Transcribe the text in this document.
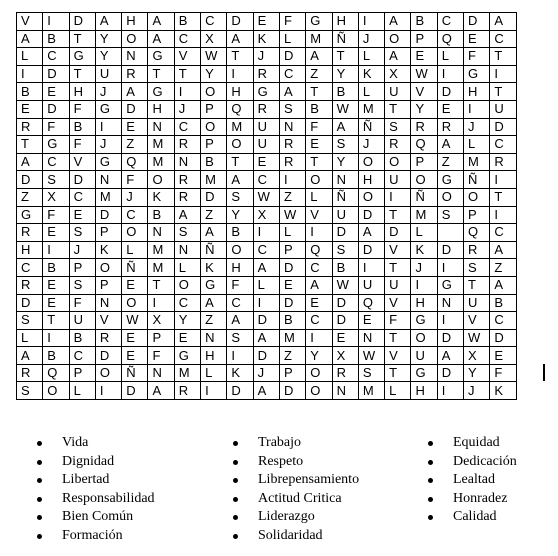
V	I	D	A	H	A	B	C	D	E	F	G	H	I	A	B	C	D	A
A	B	T	Y	O	A	C	X	A	K	L	M	Ñ	J	O	P	Q	E	C
L	C	G	Y	N	G	V	W	T	J	D	A	T	L	A	E	L	F	T
I	D	T	U	R	T	T	Y	I	R	C	Z	Y	K	X	W	I	G	I
B	E	H	J	A	G	I	O	H	G	A	T	B	L	U	V	D	H	T
E	D	F	G	D	H	J	P	Q	R	S	B	W	M	T	Y	E	I	U
R	F	B	I	E	N	C	O	M	U	N	F	A	Ñ	S	R	R	J	D
T	G	F	J	Z	M	R	P	O	U	R	E	S	J	R	Q	A	L	C
A	C	V	G	Q	M	N	B	T	E	R	T	Y	O	O	P	Z	M	R
D	S	D	N	F	O	R	M	A	C	I	O	N	H	U	O	G	Ñ	I
Z	X	C	M	J	K	R	D	S	W	Z	L	Ñ	O	I	Ñ	O	O	T
G	F	E	D	C	B	A	Z	Y	X	W	V	U	D	T	M	S	P	I
R	E	S	P	O	N	S	A	B	I	L	I	D	A	D	L		Q	C
H	I	J	K	L	M	N	Ñ	O	C	P	Q	S	D	V	K	D	R	A
C	B	P	O	Ñ	M	L	K	H	A	D	C	B	I	T	J	I	S	Z
R	E	S	P	E	T	O	G	F	L	E	A	W	U	U	I	G	T	A
D	E	F	N	O	I	C	A	C	I	D	E	D	Q	V	H	N	U	B
S	T	U	V	W	X	Y	Z	A	D	B	C	D	E	F	G	I	V	C
L	I	B	R	E	P	E	N	S	A	M	I	E	N	T	O	D	W	D
A	B	C	D	E	F	G	H	I	D	Z	Y	X	W	V	U	A	X	E
R	Q	P	O	Ñ	N	M	L	K	J	P	O	R	S	T	G	D	Y	F
S	O	L	I	D	A	R	I	D	A	D	O	N	M	L	H	I	J	K
Vida
Dignidad
Libertad
Responsabilidad
Bien Común
Formación
Trabajo
Respeto
Librepensamiento
Actitud Critica
Liderazgo
Solidaridad
Equidad
Dedicación
Lealtad
Honradez
Calidad
